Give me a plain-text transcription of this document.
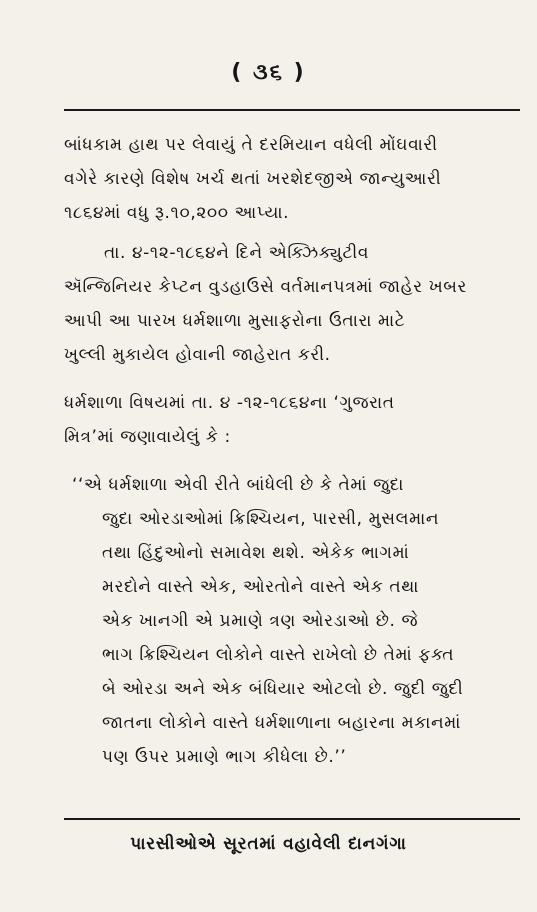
( ૩૬ )
બાંધકામ હાથ પર લેવાયું તે દરમિયાન વધેલી મોંઘવારી
વગેરે કારણે વિશેષ ખર્ચ થતાં ખરશેદજીએ જાન્યુઆરી
૧૮૬૪માં વધુ રૂ.૧૦,૨૦૦ આપ્યા.
તા. ૪-૧૨-૧૮૬૪ને દિને એક્ઝિક્યુટીવ
ઍન્જિનિયર કેપ્ટન વુડહાઉસે વર્તમાનપત્રમાં જાહેર ખબર
આપી આ પારખ ધર્મશાળા મુસાફરોના ઉતારા માટે
ખુલ્લી મુકાયેલ હોવાની જાહેરાત કરી.
ધર્મશાળા વિષયમાં તા. ૪ -૧૨-૧૮૬૪ના ‘ગુજરાત
મિત્ર’માં જણાવાયેલું કે :
‘‘એ ધર્મશાળા એવી રીતે બાંધેલી છે કે તેમાં જુદા
જુદા ઓરડાઓમાં ક્રિશ્ચિયન, પારસી, મુસલમાન
તથા હિંદુઓનો સમાવેશ થશે. એકેક ભાગમાં
મરદોને વાસ્તે એક, ઓરતોને વાસ્તે એક તથા
એક ખાનગી એ પ્રમાણે ત્રણ ઓરડાઓ છે. જે
ભાગ ક્રિશ્ચિયન લોકોને વાસ્તે રાખેલો છે તેમાં ફક્ત
બે ઓરડા અને એક બંધિયાર ઓટલો છે. જુદી જુદી
જાતના લોકોને વાસ્તે ધર્મશાળાના બહારના મકાનમાં
પણ ઉપર પ્રમાણે ભાગ કીધેલા છે.’’
પારસીઓએ સૂરતમાં વહાવેલી દાનગંગા
